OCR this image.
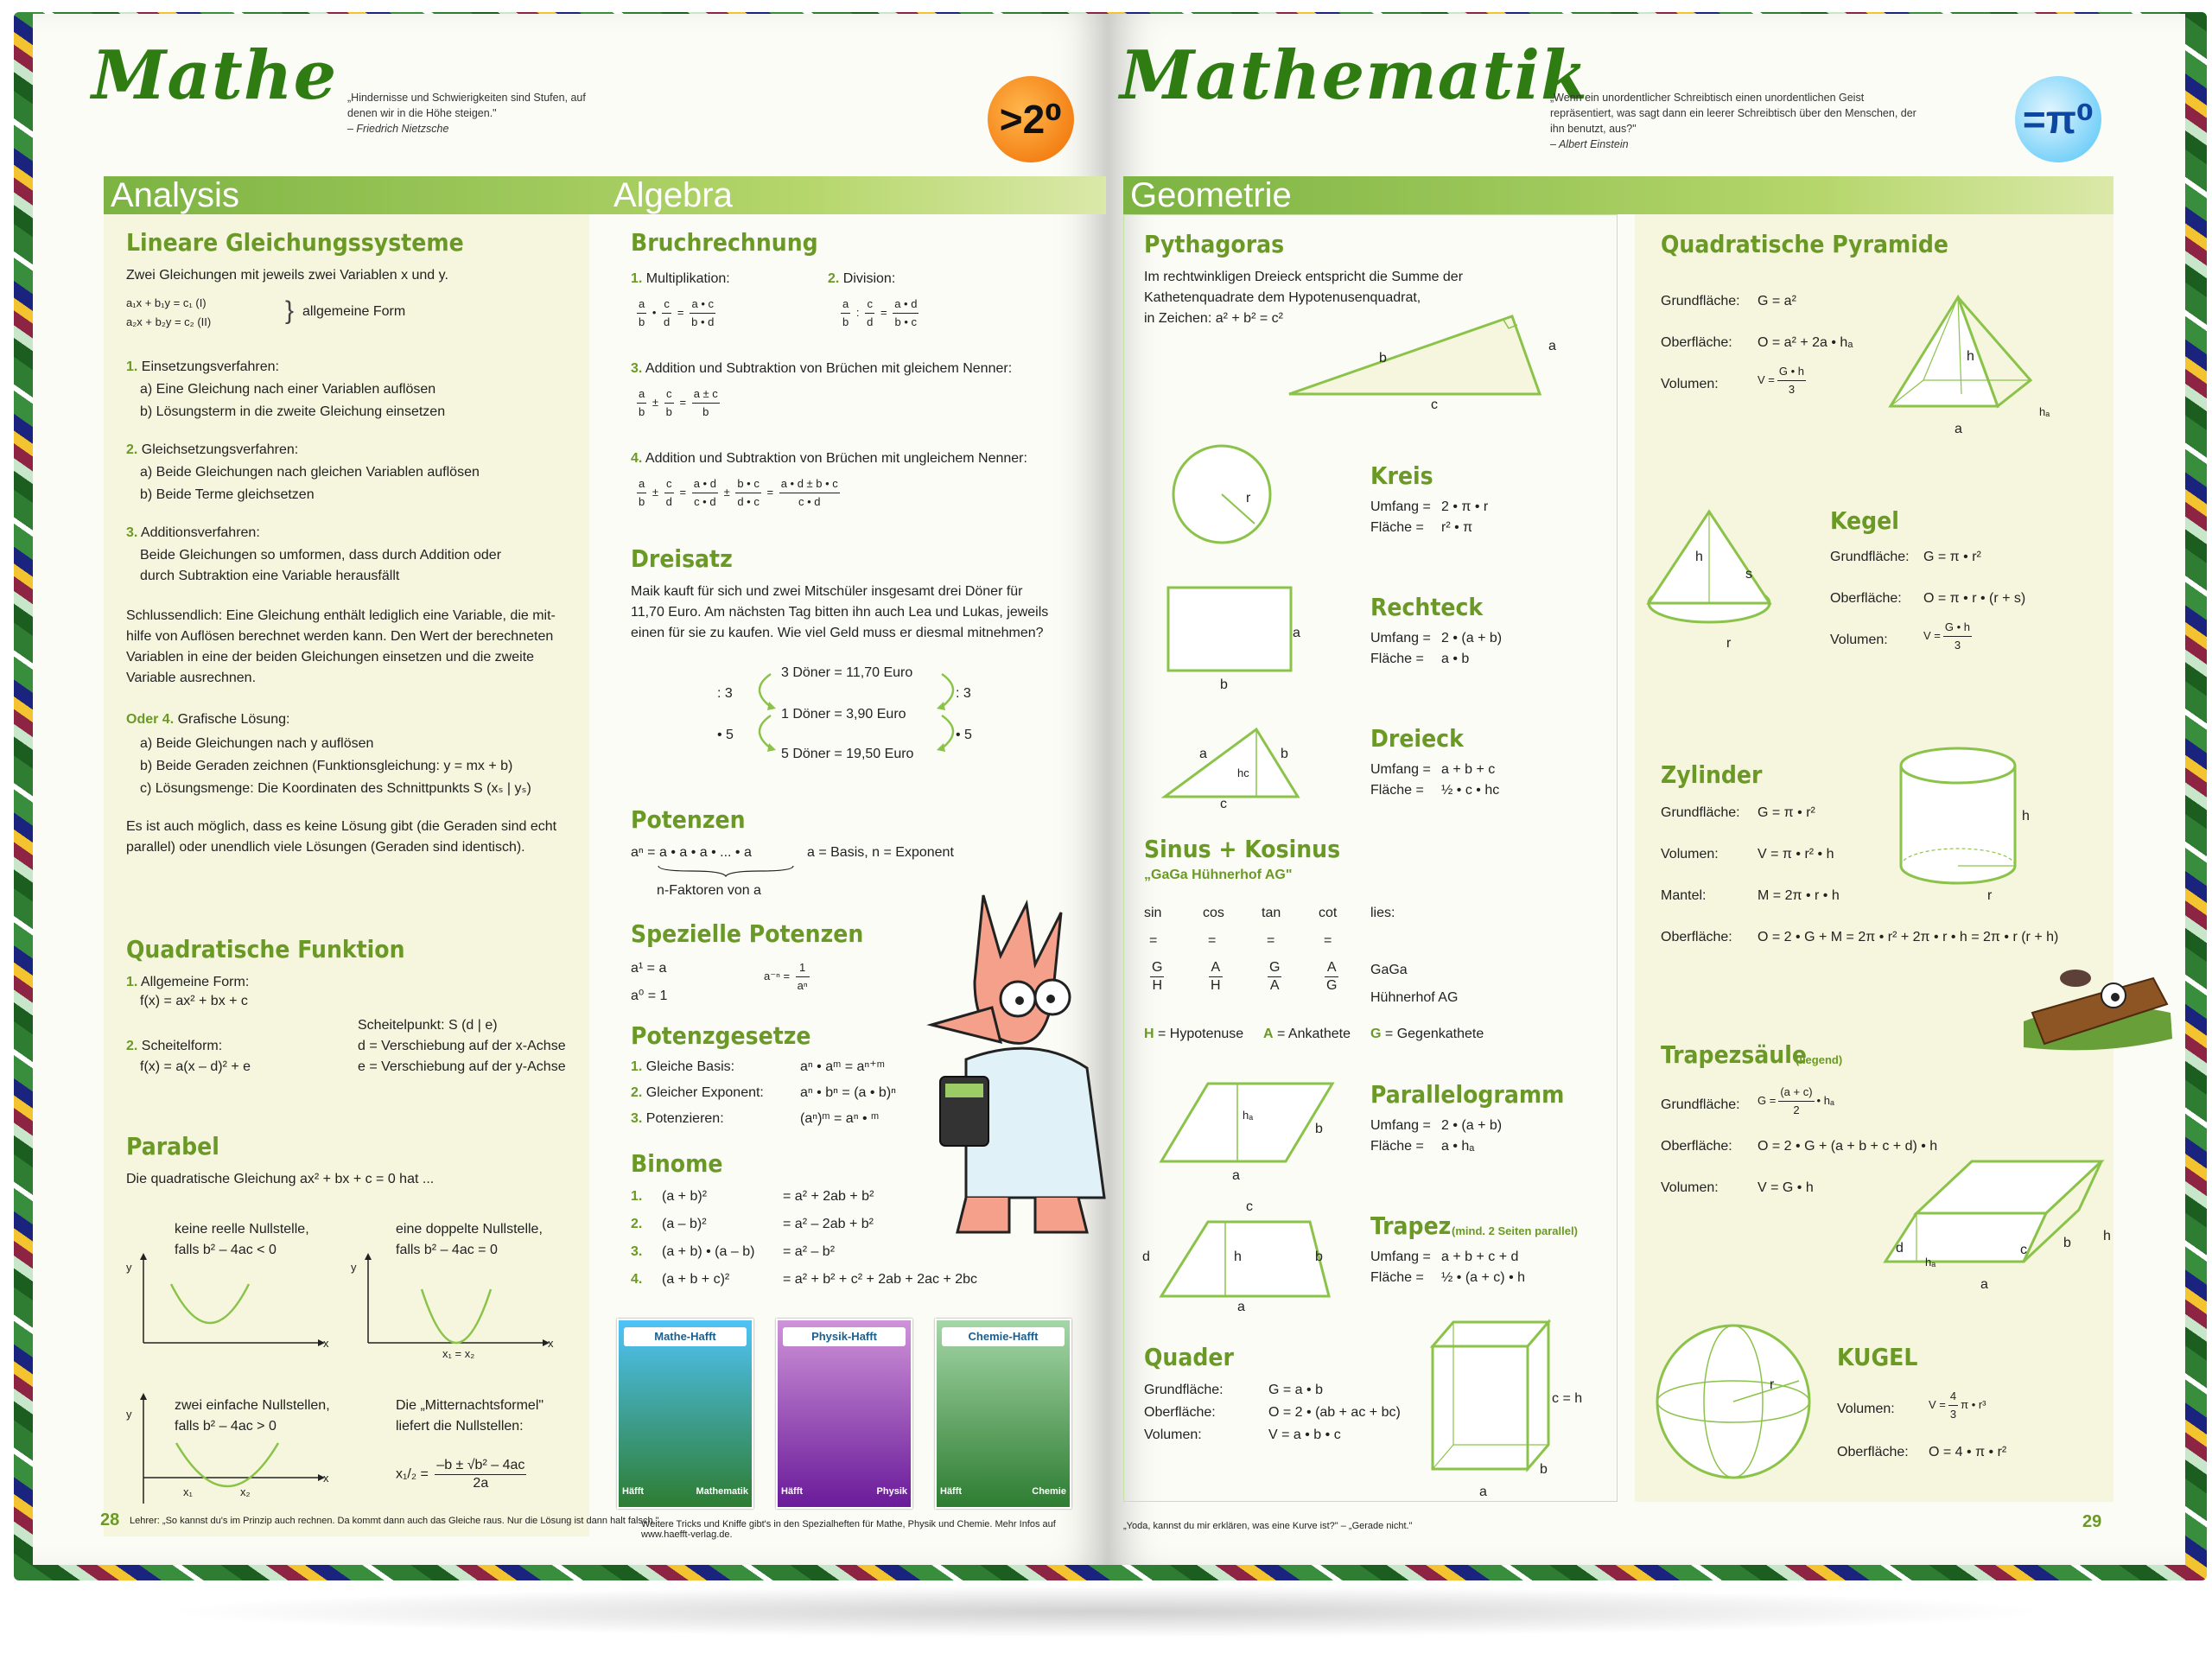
Mathe „Hindernisse und Schwierigkeiten sind Stufen, auf denen wir in die Höhe steigen."
– Friedrich Nietzsche	>2⁰
Analysis	Algebra
Lineare Gleichungssysteme
Zwei Gleichungen mit jeweils zwei Variablen x und y.
a₁x + b₁y = c₁ (I)
a₂x + b₂y = c₂ (II)	} allgemeine Form
1. Einsetzungsverfahren:
a) Eine Gleichung nach einer Variablen auflösen
b) Lösungsterm in die zweite Gleichung einsetzen
2. Gleichsetzungsverfahren:
a) Beide Gleichungen nach gleichen Variablen auflösen
b) Beide Terme gleichsetzen
3. Additionsverfahren:
Beide Gleichungen so umformen, dass durch Addition oder
durch Subtraktion eine Variable herausfällt
Schlussendlich: Eine Gleichung enthält lediglich eine Variable, die mit-
hilfe von Auflösen berechnet werden kann. Den Wert der berechneten
Variablen in eine der beiden Gleichungen einsetzen und die zweite
Variable ausrechnen.
Oder 4. Grafische Lösung:
a) Beide Gleichungen nach y auflösen
b) Beide Geraden zeichnen (Funktionsgleichung: y = mx + b)
c) Lösungsmenge: Die Koordinaten des Schnittpunkts S (xₛ | yₛ)
Es ist auch möglich, dass es keine Lösung gibt (die Geraden sind echt
parallel) oder unendlich viele Lösungen (Geraden sind identisch).
Quadratische Funktion
1. Allgemeine Form:
f(x) = ax² + bx + c
Scheitelpunkt: S (d | e)
2. Scheitelform:	d = Verschiebung auf der x-Achse
f(x) = a(x – d)² + e	e = Verschiebung auf der y-Achse
Parabel
Die quadratische Gleichung ax² + bx + c = 0 hat ...
keine reelle Nullstelle,
falls b² – 4ac < 0
eine doppelte Nullstelle,
falls b² – 4ac = 0
y
x
y
x
x₁ = x₂
zwei einfache Nullstellen,
falls b² – 4ac > 0
Die „Mitternachtsformel"
liefert die Nullstellen:
y
x
x₁	x₂
$x_1/_2 = \frac{\text{–b ± √b² – 4ac}}{2a}$
28 Lehrer: „So kannst du's im Prinzip auch rechnen. Da kommt dann auch das Gleiche raus. Nur die Lösung ist dann halt falsch."
Bruchrechnung
1. Multiplikation:	2. Division:
$\frac{a}{b}$ • $\frac{c}{d} = \frac{a • c}{b • d}$	$\frac{a}{b}$ : $\frac{c}{d} = \frac{a • d}{b • c}$
3. Addition und Subtraktion von Brüchen mit gleichem Nenner:
$\frac{a}{b} \pm \frac{c}{b} = \frac{a \pm c}{b}$
4. Addition und Subtraktion von Brüchen mit ungleichem Nenner:
$\frac{a}{b} \pm \frac{c}{d} = \frac{a • d}{c • d} \pm \frac{b • c}{d • c} = \frac{a • d \pm b • c}{c • d}$
Dreisatz
Maik kauft für sich und zwei Mitschüler insgesamt drei Döner für
11,70 Euro. Am nächsten Tag bitten ihn auch Lea und Lukas, jeweils
einen für sie zu kaufen. Wie viel Geld muss er diesmal mitnehmen?
3 Döner = 11,70 Euro
1 Döner = 3,90 Euro
5 Döner = 19,50 Euro
: 3	: 3
• 5	• 5
Potenzen
aⁿ = a • a • a • ... • a	a = Basis, n = Exponent
n-Faktoren von a
Spezielle Potenzen
a¹ = a
a⁰ = 1
$a^{-n} = \frac{1}{\text{aⁿ}}$
Potenzgesetze
1. Gleiche Basis:	aⁿ • aᵐ = aⁿ⁺ᵐ
2. Gleicher Exponent:	aⁿ • bⁿ = (a • b)ⁿ
3. Potenzieren:	(aⁿ)ᵐ = aⁿ • ᵐ
Binome
1. (a + b)²	= a² + 2ab + b²
2. (a – b)²	= a² – 2ab + b²
3. (a + b) • (a – b) = a² – b²
4. (a + b + c)²	= a² + b² + c² + 2ab + 2ac + 2bc
Mathe-Hafft
Häfft	Mathematik
Physik-Hafft
Häfft	Physik
Chemie-Hafft
Häfft	Chemie
Weitere Tricks und Kniffe gibt's in den Spezialheften für Mathe, Physik und Chemie. Mehr Infos auf www.haefft-verlag.de.
Mathematik
„Wenn ein unordentlicher Schreibtisch einen unordentlichen Geist repräsentiert, was sagt dann ein leerer Schreibtisch über den Menschen, der ihn benutzt, aus?"
– Albert Einstein
=π⁰
Geometrie
Pythagoras
Im rechtwinkligen Dreieck entspricht die Summe der
Kathetenquadrate dem Hypotenusenquadrat,
in Zeichen: a² + b² = c²
b
a
c
r
Kreis
Umfang = 2 • π • r
Fläche = r² • π
a
b
Rechteck
Umfang = 2 • (a + b)
Fläche = a • b
a	b
c
hᴄ
Dreieck
Umfang = a + b + c
Fläche = ½ • c • hᴄ
Sinus + Kosinus
„GaGa Hühnerhof AG"
sin	cos	tan	cot lies:
=	=	=	=
$\frac{G}{H}$	$\frac{A}{H}$	$\frac{G}{A}$	$\frac{A}{G}$ GaGa
Hühnerhof AG
H = Hypotenuse A = Ankathete G = Gegenkathete
hₐ
b
a
Parallelogramm
Umfang = 2 • (a + b)
Fläche = a • hₐ
c
d	h	b
a
Trapez (mind. 2 Seiten parallel)
Umfang = a + b + c + d
Fläche = ½ • (a + c) • h
Quader
Grundfläche:	G = a • b
Oberfläche:	O = 2 • (ab + ac + bc)
Volumen:	V = a • b • c
c = h
b
a
Quadratische Pyramide
Grundfläche: G = a²
Oberfläche: O = a² + 2a • hₐ
Volumen:	$V = \frac{G • h}{3}$
h
a
hₐ
h
s
r
Kegel
Grundfläche: G = π • r²
Oberfläche: O = π • r • (r + s)
Volumen:	$V = \frac{G • h}{3}$
Zylinder
Grundfläche: G = π • r²
Volumen:	V = π • r² • h
Mantel:	M = 2π • r • h
Oberfläche: O = 2 • G + M = 2π • r² + 2π • r • h = 2π • r (r + h)
h
r
Trapezsäule
(liegend)
Grundfläche: $G = \frac{(a + c)}{2}$ • hₐ
Oberfläche: O = 2 • G + (a + b + c + d) • h
Volumen:	V = G • h
c
hₐ
d	b h
a
r
KUGEL
Volumen:	$V = \frac{4}{3}$ π • r³
Oberfläche: O = 4 • π • r²
„Yoda, kannst du mir erklären, was eine Kurve ist?" – „Gerade nicht."	29
